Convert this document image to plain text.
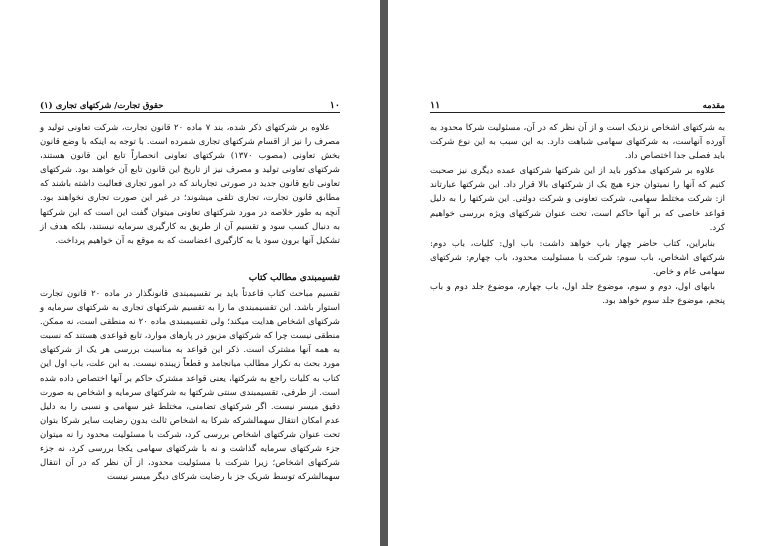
۱۰
حقوق تجارت/ شرکتهای تجاری (۱)

علاوه بر شرکتهای ذکر شده، بند ۷ ماده ۲۰ قانون تجارت، شرکت تعاونی تولید و مصرف را نیز از اقسام شرکتهای تجاری شمرده است. با توجه به اینکه با وضع قانون بخش تعاونی (مصوب ۱۳۷۰) شرکتهای تعاونی انحصاراً تابع این قانون هستند، شرکتهای تعاونی تولید و مصرف نیز از تاریخ این قانون تابع آن خواهند بود. شرکتهای تعاونی تابع قانون جدید در صورتی تجاریاند که در امور تجاری فعالیت داشته باشند که مطابق قانون تجارت، تجاری تلقی میشوند؛ در غیر این صورت تجاری نخواهند بود. آنچه به طور خلاصه در مورد شرکتهای تعاونی میتوان گفت این است که این شرکتها به دنبال کسب سود و تقسیم آن از طریق به کارگیری سرمایه نیستند، بلکه هدف از تشکیل آنها برون سود یا به کارگیری اعضاست که به موقع به آن خواهیم پرداخت.

تقسیمبندی مطالب کتاب

تقسیم مباحث کتاب قاعدتاً باید بر تقسیمبندی قانونگذار در ماده ۲۰ قانون تجارت استوار باشد. این تقسیمبندی ما را به تقسیم شرکتهای تجاری به شرکتهای سرمایه و شرکتهای اشخاص هدایت میکند؛ ولی تقسیمبندی ماده ۲۰ نه منطقی است، نه ممکن. منطقی نیست چرا که شرکتهای مزبور در پارهای موارد، تابع قواعدی هستند که نسبت به همه آنها مشترک است. ذکر این قواعد به مناسبت بررسی هر یک از شرکتهای مورد بحث به تکرار مطالب میانجامد و قطعاً زیبنده نیست. به این علت، باب اول این کتاب به کلیات راجع به شرکتها، یعنی قواعد مشترک حاکم بر آنها اختصاص داده شده است. از طرفی، تقسیمبندی سنتی شرکتها به شرکتهای سرمایه و اشخاص به صورت دقیق میسر نیست. اگر شرکتهای تضامنی، مختلط غیر سهامی و نسبی را به دلیل عدم امکان انتقال سهمالشرکه شرکا به اشخاص ثالث بدون رضایت سایر شرکا بتوان تحت عنوان شرکتهای اشخاص بررسی کرد، شرکت با مسئولیت محدود را نه میتوان جزء شرکتهای سرمایه گذاشت و نه با شرکتهای سهامی یکجا بررسی کرد، نه جزء شرکتهای اشخاص؛ زیرا شرکت با مسئولیت محدود، از آن نظر که در آن انتقال سهمالشرکه توسط شریک جز با رضایت شرکای دیگر میسر نیست

مقدمه
۱۱

به شرکتهای اشخاص نزدیک است و از آن نظر که در آن، مسئولیت شرکا محدود به آورده آنهاست، به شرکتهای سهامی شباهت دارد. به این سبب به این نوع شرکت باید فصلی جدا اختصاص داد.

علاوه بر شرکتهای مذکور باید از این شرکتها شرکتهای عمده دیگری نیز صحبت کنیم که آنها را نمیتوان جزء هیچ یک از شرکتهای بالا قرار داد. این شرکتها عبارتاند از: شرکت مختلط سهامی، شرکت تعاونی و شرکت دولتی. این شرکتها را به دلیل قواعد خاصی که بر آنها حاکم است، تحت عنوان شرکتهای ویژه بررسی خواهیم کرد.

بنابراین، کتاب حاضر چهار باب خواهد داشت: باب اول: کلیات، باب دوم: شرکتهای اشخاص، باب سوم: شرکت با مسئولیت محدود، باب چهارم: شرکتهای سهامی عام و خاص.

بابهای اول، دوم و سوم، موضوع جلد اول، باب چهارم، موضوع جلد دوم و باب پنجم، موضوع جلد سوم خواهد بود.
